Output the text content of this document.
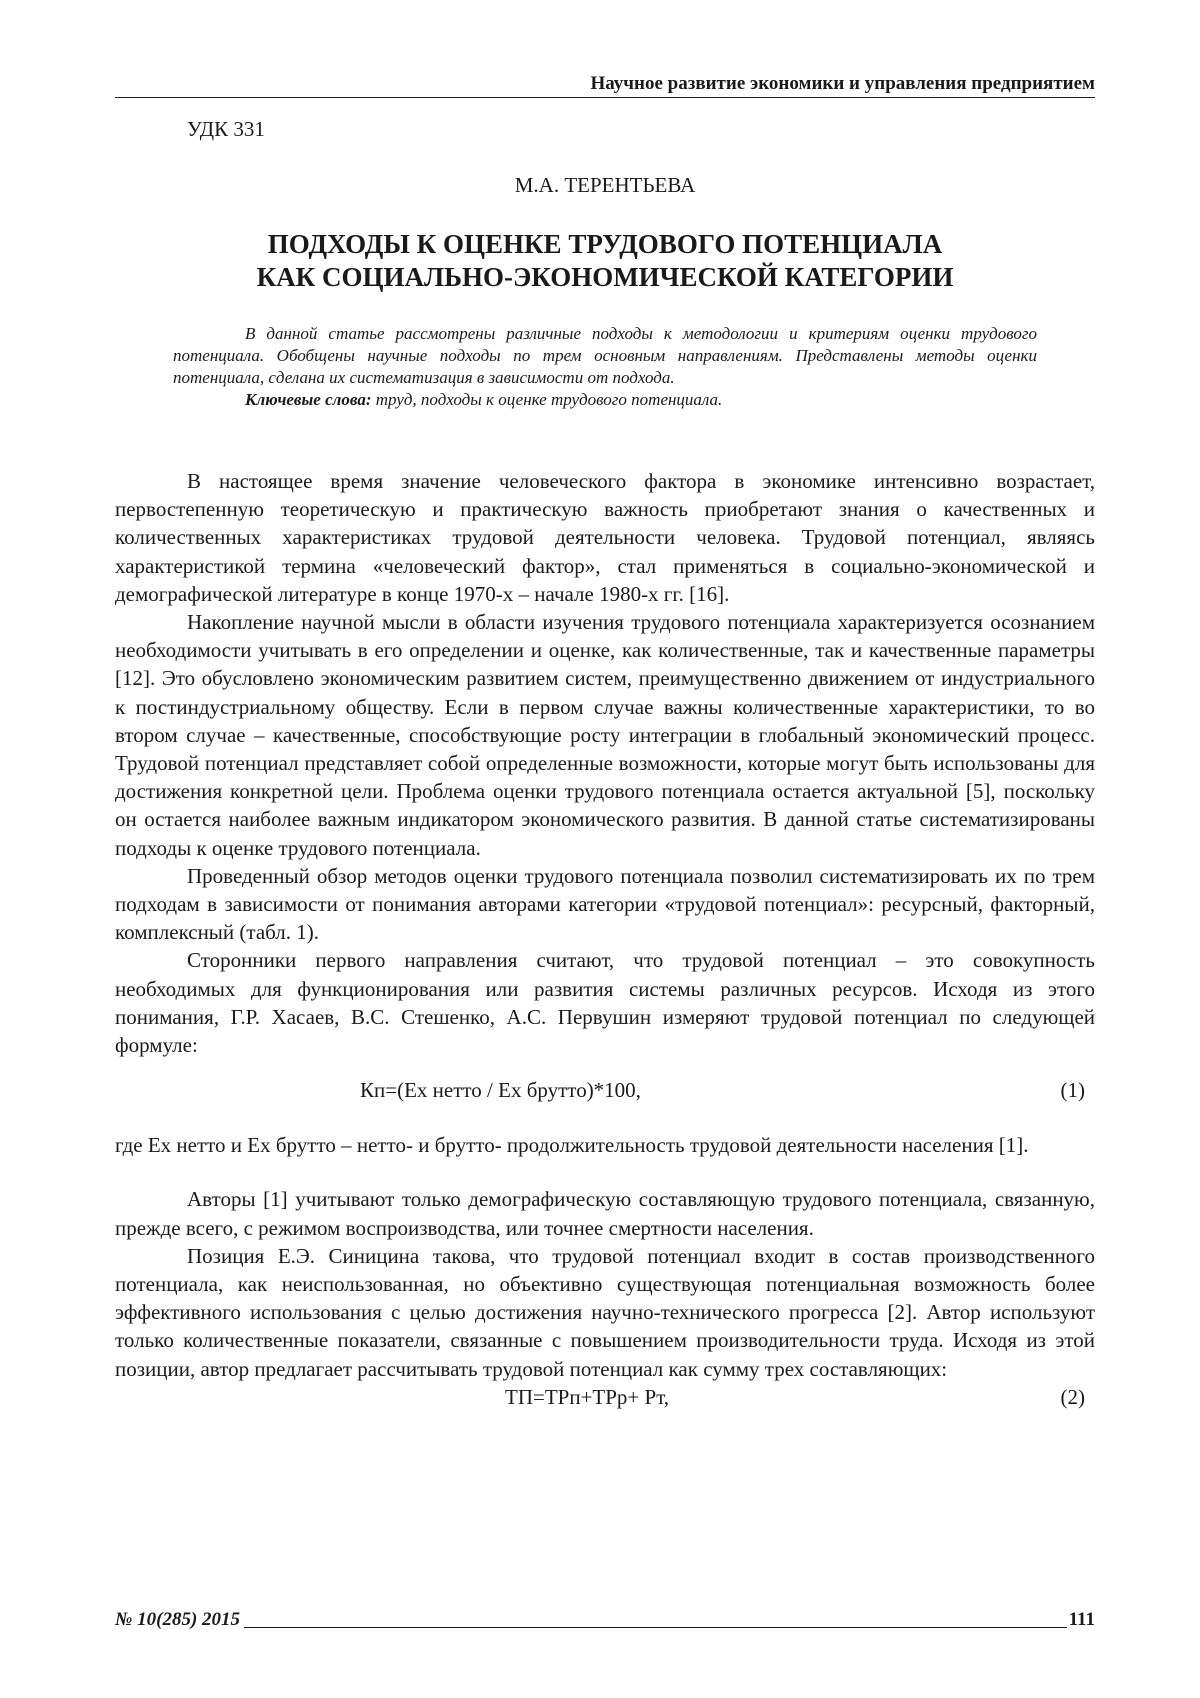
Научное развитие экономики и управления предприятием
УДК 331
М.А. ТЕРЕНТЬЕВА
ПОДХОДЫ К ОЦЕНКЕ ТРУДОВОГО ПОТЕНЦИАЛА
КАК СОЦИАЛЬНО-ЭКОНОМИЧЕСКОЙ КАТЕГОРИИ

В данной статье рассмотрены различные подходы к методологии и критериям оценки трудового потенциала. Обобщены научные подходы по трем основным направлениям. Представлены методы оценки потенциала, сделана их систематизация в зависимости от подхода.

Ключевые слова: труд, подходы к оценке трудового потенциала.

В настоящее время значение человеческого фактора в экономике интенсивно возрастает, первостепенную теоретическую и практическую важность приобретают знания о качественных и количественных характеристиках трудовой деятельности человека. Трудовой потенциал, являясь характеристикой термина «человеческий фактор», стал применяться в социально-экономической и демографической литературе в конце 1970-х – начале 1980-х гг. [16].

Накопление научной мысли в области изучения трудового потенциала характеризуется осознанием необходимости учитывать в его определении и оценке, как количественные, так и качественные параметры [12]. Это обусловлено экономическим развитием систем, преимущественно движением от индустриального к постиндустриальному обществу. Если в первом случае важны количественные характеристики, то во втором случае – качественные, способствующие росту интеграции в глобальный экономический процесс. Трудовой потенциал представляет собой определенные возможности, которые могут быть использованы для достижения конкретной цели. Проблема оценки трудового потенциала остается актуальной [5], поскольку он остается наиболее важным индикатором экономического развития. В данной статье систематизированы подходы к оценке трудового потенциала.

Проведенный обзор методов оценки трудового потенциала позволил систематизировать их по трем подходам в зависимости от понимания авторами категории «трудовой потенциал»: ресурсный, факторный, комплексный (табл. 1).

Сторонники первого направления считают, что трудовой потенциал – это совокупность необходимых для функционирования или развития системы различных ресурсов. Исходя из этого понимания, Г.Р. Хасаев, В.С. Стешенко, А.С. Первушин измеряют трудовой потенциал по следующей формуле:

Кп=(Ех нетто / Ех брутто)*100,	(1)

где Ех нетто и Ех брутто – нетто- и брутто- продолжительность трудовой деятельности населения [1].

Авторы [1] учитывают только демографическую составляющую трудового потенциала, связанную, прежде всего, с режимом воспроизводства, или точнее смертности населения.

Позиция Е.Э. Синицина такова, что трудовой потенциал входит в состав производственного потенциала, как неиспользованная, но объективно существующая потенциальная возможность более эффективного использования с целью достижения научно-технического прогресса [2]. Автор используют только количественные показатели, связанные с повышением производительности труда. Исходя из этой позиции, автор предлагает рассчитывать трудовой потенциал как сумму трех составляющих:

ТП=ТРп+ТРр+ Рт,	(2)
№ 10(285) 2015	111
